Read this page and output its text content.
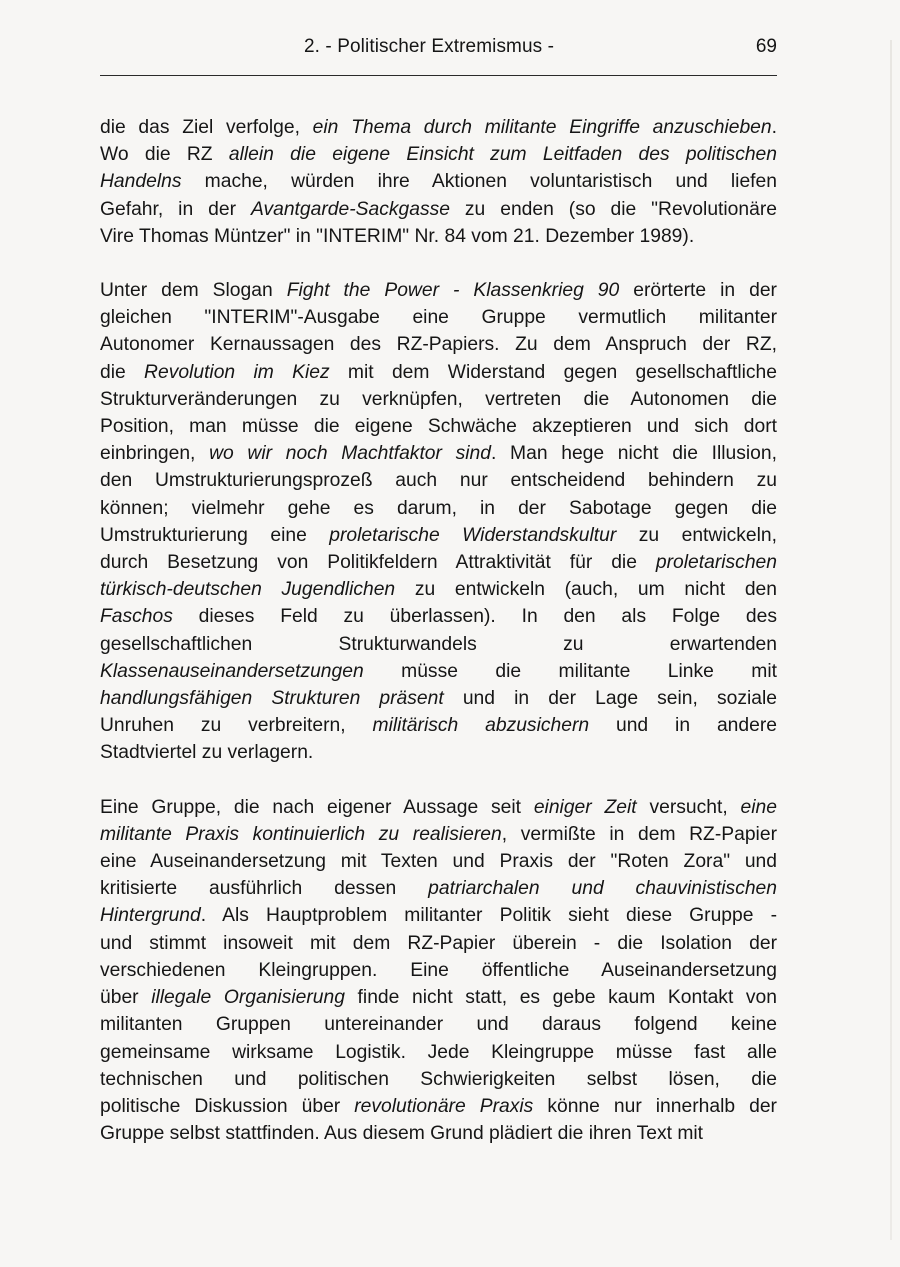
2. - Politischer Extremismus -	69

die das Ziel verfolge, ein Thema durch militante Eingriffe anzuschieben.
Wo die RZ allein die eigene Einsicht zum Leitfaden des politischen
Handelns mache, würden ihre Aktionen voluntaristisch und liefen
Gefahr, in der Avantgarde-Sackgasse zu enden (so die "Revolutionäre
Vire Thomas Müntzer" in "INTERIM" Nr. 84 vom 21. Dezember 1989).

Unter dem Slogan Fight the Power - Klassenkrieg 90 erörterte in der
gleichen "INTERIM"-Ausgabe eine Gruppe vermutlich militanter
Autonomer Kernaussagen des RZ-Papiers. Zu dem Anspruch der RZ,
die Revolution im Kiez mit dem Widerstand gegen gesellschaftliche
Strukturveränderungen zu verknüpfen, vertreten die Autonomen die
Position, man müsse die eigene Schwäche akzeptieren und sich dort
einbringen, wo wir noch Machtfaktor sind. Man hege nicht die Illusion,
den Umstrukturierungsprozeß auch nur entscheidend behindern zu
können; vielmehr gehe es darum, in der Sabotage gegen die
Umstrukturierung eine proletarische Widerstandskultur zu entwickeln,
durch Besetzung von Politikfeldern Attraktivität für die proletarischen
türkisch-deutschen Jugendlichen zu entwickeln (auch, um nicht den
Faschos dieses Feld zu überlassen). In den als Folge des
gesellschaftlichen Strukturwandels zu erwartenden
Klassenauseinandersetzungen müsse die militante Linke mit
handlungsfähigen Strukturen präsent und in der Lage sein, soziale
Unruhen zu verbreitern, militärisch abzusichern und in andere
Stadtviertel zu verlagern.

Eine Gruppe, die nach eigener Aussage seit einiger Zeit versucht, eine
militante Praxis kontinuierlich zu realisieren, vermißte in dem RZ-Papier
eine Auseinandersetzung mit Texten und Praxis der "Roten Zora" und
kritisierte ausführlich dessen patriarchalen und chauvinistischen
Hintergrund. Als Hauptproblem militanter Politik sieht diese Gruppe -
und stimmt insoweit mit dem RZ-Papier überein - die Isolation der
verschiedenen Kleingruppen. Eine öffentliche Auseinandersetzung
über illegale Organisierung finde nicht statt, es gebe kaum Kontakt von
militanten Gruppen untereinander und daraus folgend keine
gemeinsame wirksame Logistik. Jede Kleingruppe müsse fast alle
technischen und politischen Schwierigkeiten selbst lösen, die
politische Diskussion über revolutionäre Praxis könne nur innerhalb der
Gruppe selbst stattfinden. Aus diesem Grund plädiert die ihren Text mit
